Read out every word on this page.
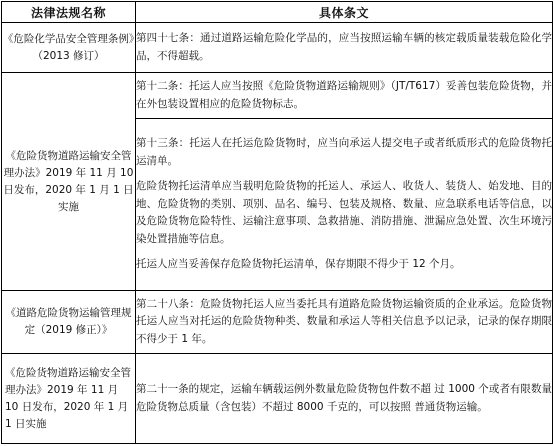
法律法规名称	具体条文
《危险化学品安全管理条例》（2013 修订）	第四十七条：通过道路运输危险化学品的，应当按照运输车辆的核定载质量装载危险化学品，不得超载。

《危险货物道路运输安全管理办法》2019 年 11 月 10 日发布，2020 年 1 月 1 日实施	第十二条：托运人应当按照《危险货物道路运输规则》（JT/T617）妥善包装危险货物，并在外包装设置相应的危险货物标志。

	第十三条：托运人在托运危险货物时，应当向承运人提交电子或者纸质形式的危险货物托运清单。

危险货物托运清单应当载明危险货物的托运人、承运人、收货人、装货人、始发地、目的地、危险货物的类别、项别、品名、编号、包装及规格、数量、应急联系电话等信息，以及危险货物危险特性、运输注意事项、急救措施、消防措施、泄漏应急处置、次生环境污染处置措施等信息。

托运人应当妥善保存危险货物托运清单，保存期限不得少于 12 个月。

《道路危险货物运输管理规定（2019 修正）》	第二十八条：危险货物托运人应当委托具有道路危险货物运输资质的企业承运。危险货物托运人应当对托运的危险货物种类、数量和承运人等相关信息予以记录，记录的保存期限不得少于 1 年。

《危险货物道路运输安全管理办法》2019 年 11 月 10 日发布，2020 年 1 月 1 日实施	第二十一条的规定，运输车辆载运例外数量危险货物包件数不超 过 1000 个或者有限数量危险货物总质量（含包装）不超过 8000 千克的，可以按照 普通货物运输。
